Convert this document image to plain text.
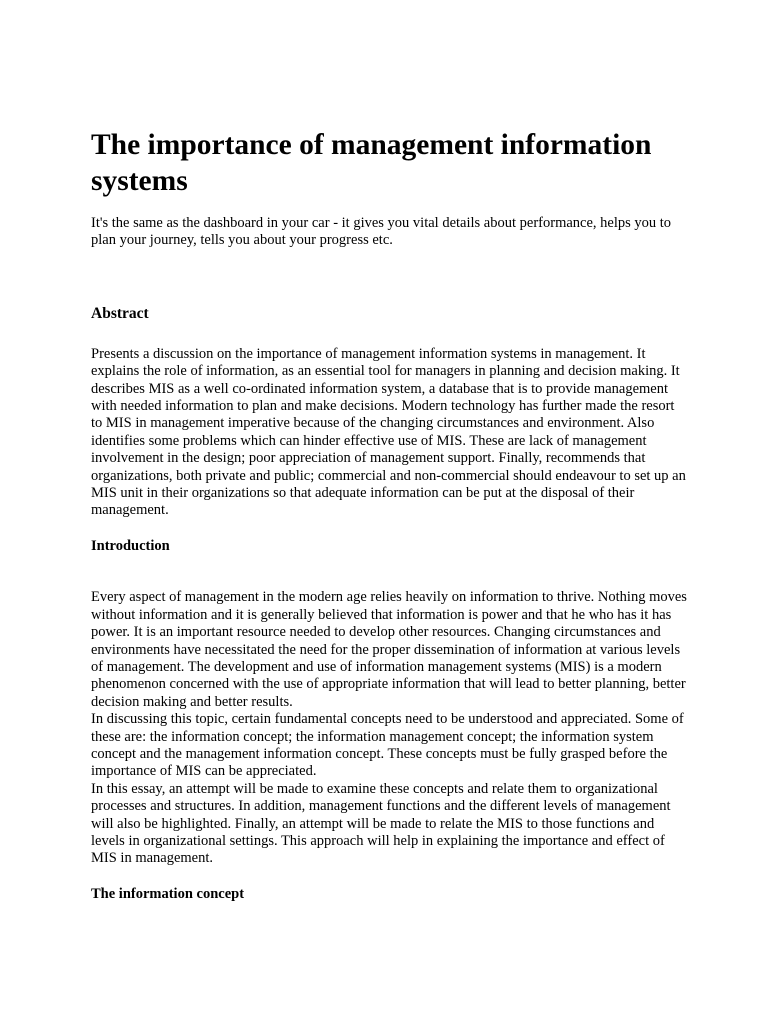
The importance of management information systems

It's the same as the dashboard in your car - it gives you vital details about performance, helps you to plan your journey, tells you about your progress etc.

Abstract

Presents a discussion on the importance of management information systems in management. It explains the role of information, as an essential tool for managers in planning and decision making. It describes MIS as a well co-ordinated information system, a database that is to provide management with needed information to plan and make decisions. Modern technology has further made the resort to MIS in management imperative because of the changing circumstances and environment. Also identifies some problems which can hinder effective use of MIS. These are lack of management involvement in the design; poor appreciation of management support. Finally, recommends that organizations, both private and public; commercial and non-commercial should endeavour to set up an MIS unit in their organizations so that adequate information can be put at the disposal of their management.

Introduction

Every aspect of management in the modern age relies heavily on information to thrive. Nothing moves without information and it is generally believed that information is power and that he who has it has power. It is an important resource needed to develop other resources. Changing circumstances and environments have necessitated the need for the proper dissemination of information at various levels of management. The development and use of information management systems (MIS) is a modern phenomenon concerned with the use of appropriate information that will lead to better planning, better decision making and better results.

In discussing this topic, certain fundamental concepts need to be understood and appreciated. Some of these are: the information concept; the information management concept; the information system concept and the management information concept. These concepts must be fully grasped before the importance of MIS can be appreciated.

In this essay, an attempt will be made to examine these concepts and relate them to organizational processes and structures. In addition, management functions and the different levels of management will also be highlighted. Finally, an attempt will be made to relate the MIS to those functions and levels in organizational settings. This approach will help in explaining the importance and effect of MIS in management.

The information concept
